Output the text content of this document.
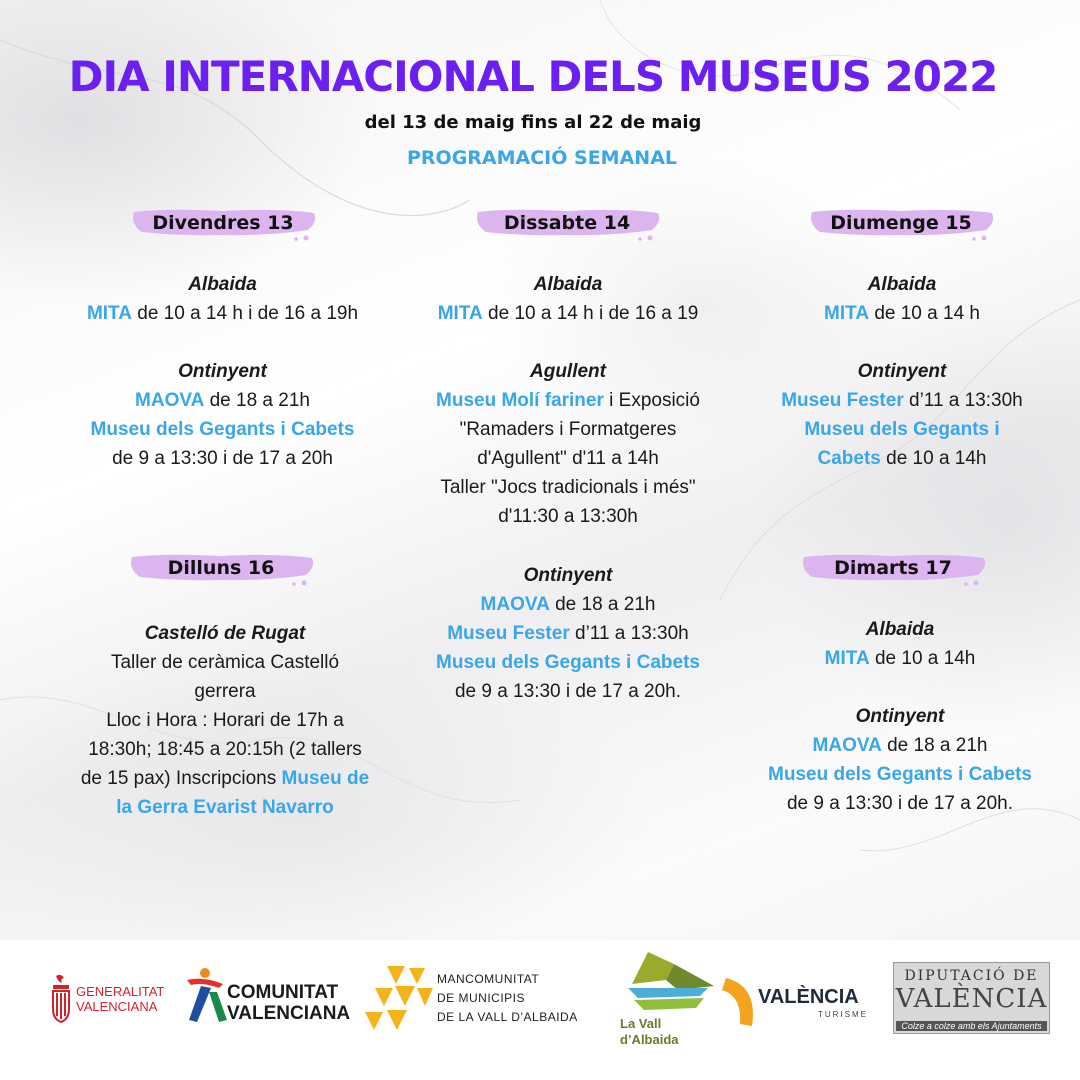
DIA INTERNACIONAL DELS MUSEUS 2022
del 13 de maig fins al 22 de maig
PROGRAMACIÓ SEMANAL
Divendres 13	Dissabte 14	Diumenge 15
Dilluns 16	Dimarts 17
Albaida
MITA de 10 a 14 h i de 16 a 19h
Ontinyent
MAOVA de 18 a 21h
Museu dels Gegants i Cabets
de 9 a 13:30 i de 17 a 20h
Albaida
MITA de 10 a 14 h i de 16 a 19
Agullent
Museu Molí fariner i Exposició
"Ramaders i Formatgeres
d'Agullent" d'11 a 14h
Taller "Jocs tradicionals i més"
d'11:30 a 13:30h
Ontinyent
MAOVA de 18 a 21h
Museu Fester d’11 a 13:30h
Museu dels Gegants i Cabets
de 9 a 13:30 i de 17 a 20h.
Albaida
MITA de 10 a 14 h
Ontinyent
Museu Fester d’11 a 13:30h
Museu dels Gegants i
Cabets de 10 a 14h
Castelló de Rugat
Taller de ceràmica Castelló
gerrera
Lloc i Hora : Horari de 17h a
18:30h; 18:45 a 20:15h (2 tallers
de 15 pax) Inscripcions Museu de
la Gerra Evarist Navarro
Albaida
MITA de 10 a 14h
Ontinyent
MAOVA de 18 a 21h
Museu dels Gegants i Cabets
de 9 a 13:30 i de 17 a 20h.
GENERALITAT
VALENCIANA
COMUNITAT
VALENCIANA
MANCOMUNITAT
DE MUNICIPIS
DE LA VALL D’ALBAIDA	La Vall
d’Albaida
VALÈNCIA
TURISME
DIPUTACIÓ DE
VALÈNCIA
Colze a colze amb els Ajuntaments
